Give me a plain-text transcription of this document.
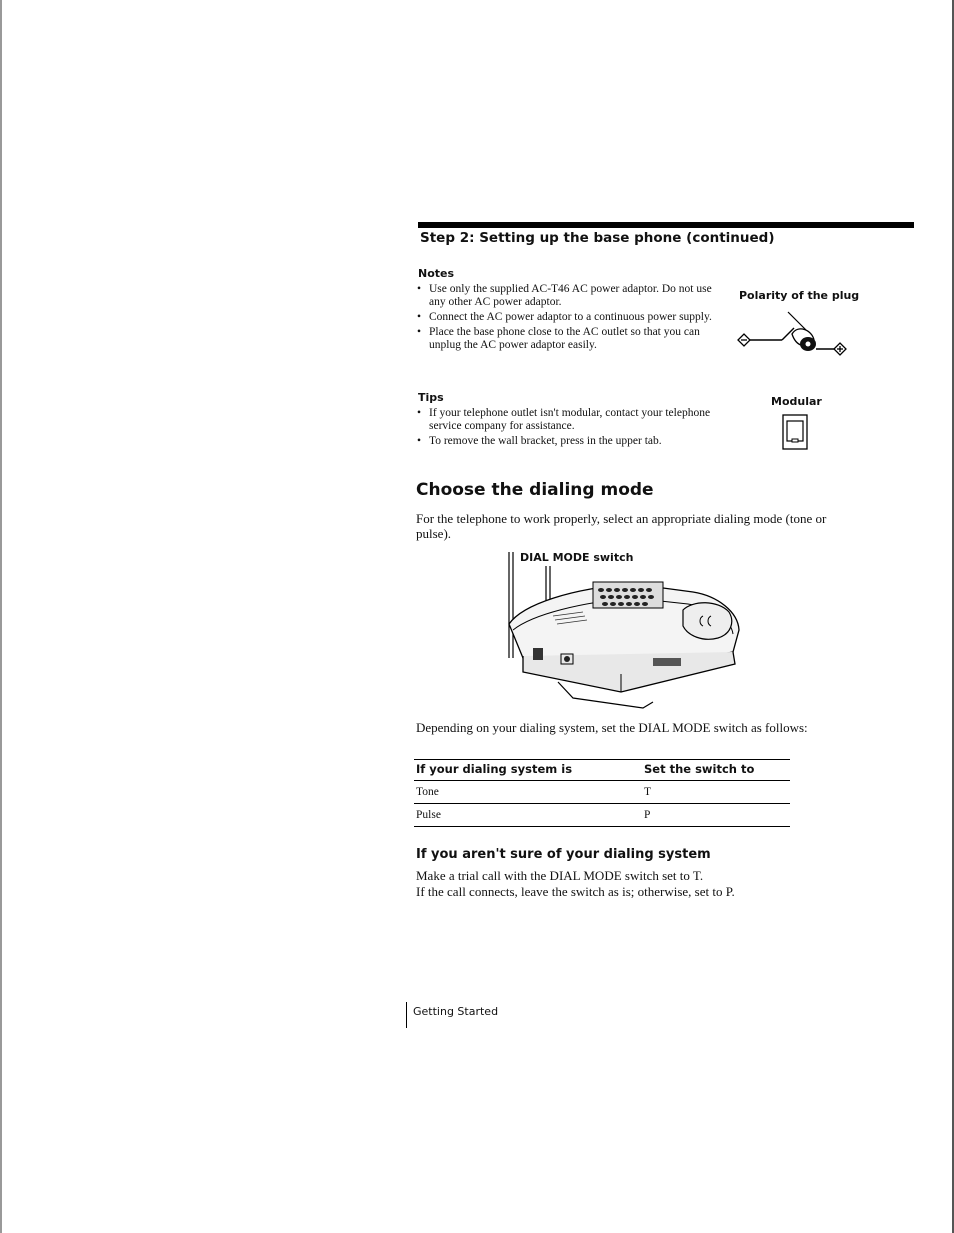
Step 2: Setting up the base phone (continued)
Notes
• Use only the supplied AC-T46 AC power adaptor. Do not use any other AC power adaptor.
• Connect the AC power adaptor to a continuous power supply.
• Place the base phone close to the AC outlet so that you can unplug the AC power adaptor easily.
Polarity of the plug
Tips
• If your telephone outlet isn't modular, contact your telephone service company for assistance.
• To remove the wall bracket, press in the upper tab.
Modular
Choose the dialing mode
For the telephone to work properly, select an appropriate dialing mode (tone or pulse).
DIAL MODE switch
Depending on your dialing system, set the DIAL MODE switch as follows:
If your dialing system is	Set the switch to
Tone	T
Pulse	P
If you aren't sure of your dialing system
Make a trial call with the DIAL MODE switch set to T.
If the call connects, leave the switch as is; otherwise, set to P.
Getting Started
